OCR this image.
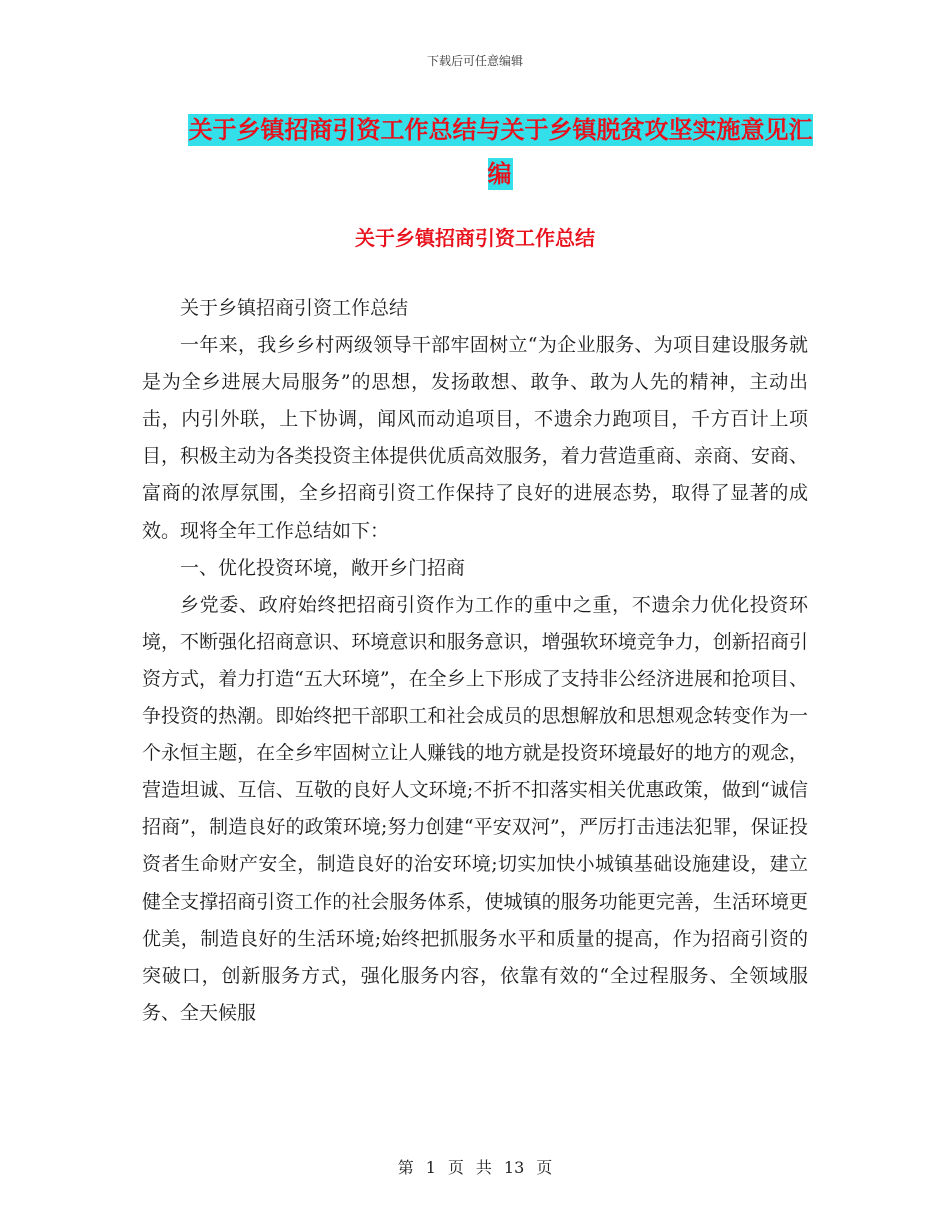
下载后可任意编辑
关于乡镇招商引资工作总结与关于乡镇脱贫攻坚实施意见汇编
关于乡镇招商引资工作总结

关于乡镇招商引资工作总结

一年来，我乡乡村两级领导干部牢固树立“为企业服务、为项目建设服务就是为全乡进展大局服务”的思想，发扬敢想、敢争、敢为人先的精神，主动出击，内引外联，上下协调，闻风而动追项目，不遗余力跑项目，千方百计上项目，积极主动为各类投资主体提供优质高效服务，着力营造重商、亲商、安商、富商的浓厚氛围，全乡招商引资工作保持了良好的进展态势，取得了显著的成效。现将全年工作总结如下：

一、优化投资环境，敞开乡门招商

乡党委、政府始终把招商引资作为工作的重中之重，不遗余力优化投资环境，不断强化招商意识、环境意识和服务意识，增强软环境竞争力，创新招商引资方式，着力打造“五大环境”，在全乡上下形成了支持非公经济进展和抢项目、争投资的热潮。即始终把干部职工和社会成员的思想解放和思想观念转变作为一个永恒主题，在全乡牢固树立让人赚钱的地方就是投资环境最好的地方的观念，营造坦诚、互信、互敬的良好人文环境;不折不扣落实相关优惠政策，做到“诚信招商”，制造良好的政策环境;努力创建“平安双河”，严厉打击违法犯罪，保证投资者生命财产安全，制造良好的治安环境;切实加快小城镇基础设施建设，建立健全支撑招商引资工作的社会服务体系，使城镇的服务功能更完善，生活环境更优美，制造良好的生活环境;始终把抓服务水平和质量的提高，作为招商引资的突破口，创新服务方式，强化服务内容，依靠有效的“全过程服务、全领域服务、全天候服

第 1 页 共 13 页
